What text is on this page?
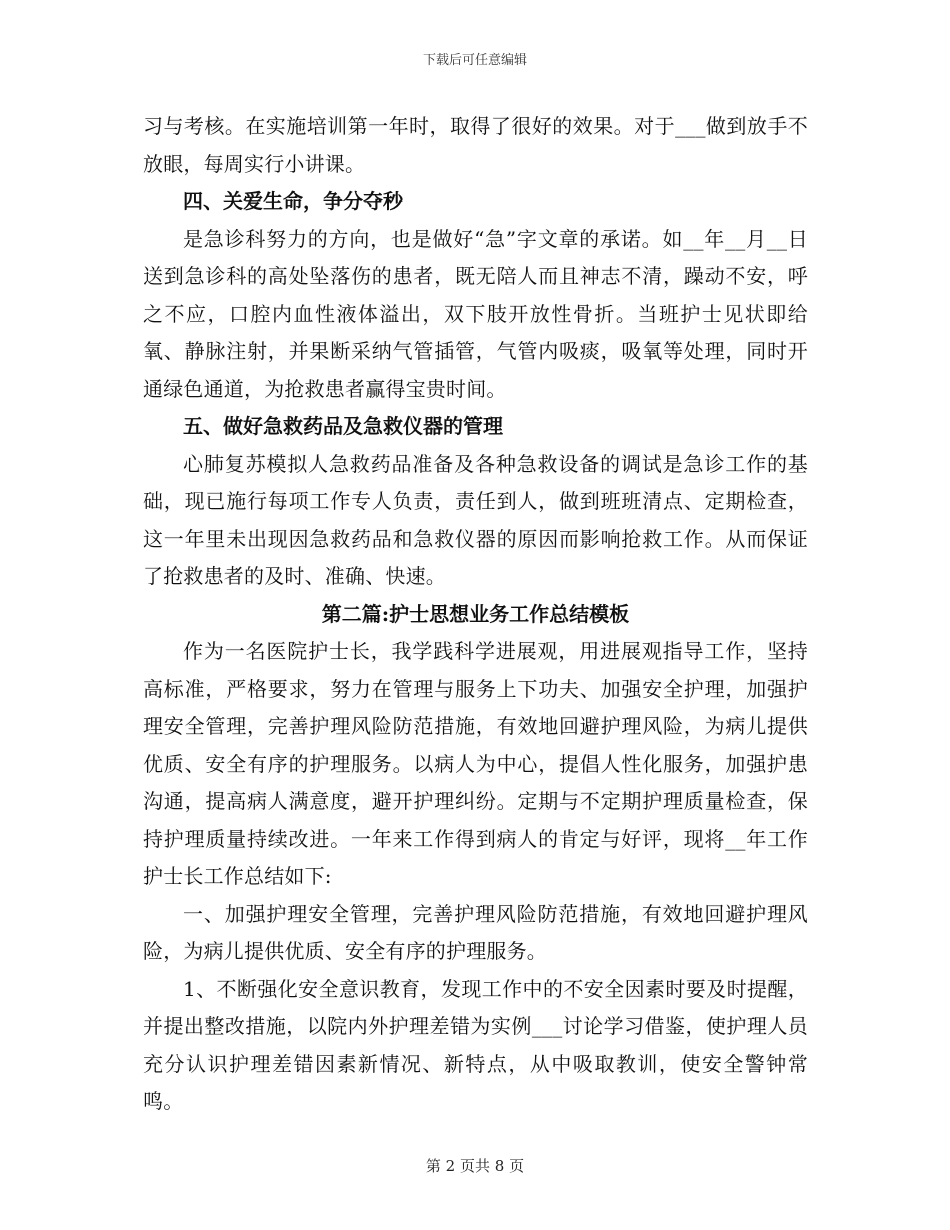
下载后可任意编辑

习与考核。在实施培训第一年时，取得了很好的效果。对于___做到放手不放眼，每周实行小讲课。

四、关爱生命，争分夺秒

是急诊科努力的方向，也是做好“急”字文章的承诺。如__年__月__日送到急诊科的高处坠落伤的患者，既无陪人而且神志不清，躁动不安，呼之不应，口腔内血性液体溢出，双下肢开放性骨折。当班护士见状即给氧、静脉注射，并果断采纳气管插管，气管内吸痰，吸氧等处理，同时开通绿色通道，为抢救患者赢得宝贵时间。

五、做好急救药品及急救仪器的管理

心肺复苏模拟人急救药品准备及各种急救设备的调试是急诊工作的基础，现已施行每项工作专人负责，责任到人，做到班班清点、定期检查，这一年里未出现因急救药品和急救仪器的原因而影响抢救工作。从而保证了抢救患者的及时、准确、快速。

第二篇:护士思想业务工作总结模板

作为一名医院护士长，我学践科学进展观，用进展观指导工作，坚持高标准，严格要求，努力在管理与服务上下功夫、加强安全护理，加强护理安全管理，完善护理风险防范措施，有效地回避护理风险，为病儿提供优质、安全有序的护理服务。以病人为中心，提倡人性化服务，加强护患沟通，提高病人满意度，避开护理纠纷。定期与不定期护理质量检查，保持护理质量持续改进。一年来工作得到病人的肯定与好评，现将__年工作护士长工作总结如下:

一、加强护理安全管理，完善护理风险防范措施，有效地回避护理风险，为病儿提供优质、安全有序的护理服务。

1、不断强化安全意识教育，发现工作中的不安全因素时要及时提醒，并提出整改措施，以院内外护理差错为实例___讨论学习借鉴，使护理人员充分认识护理差错因素新情况、新特点，从中吸取教训，使安全警钟常鸣。

第 2 页共 8 页
